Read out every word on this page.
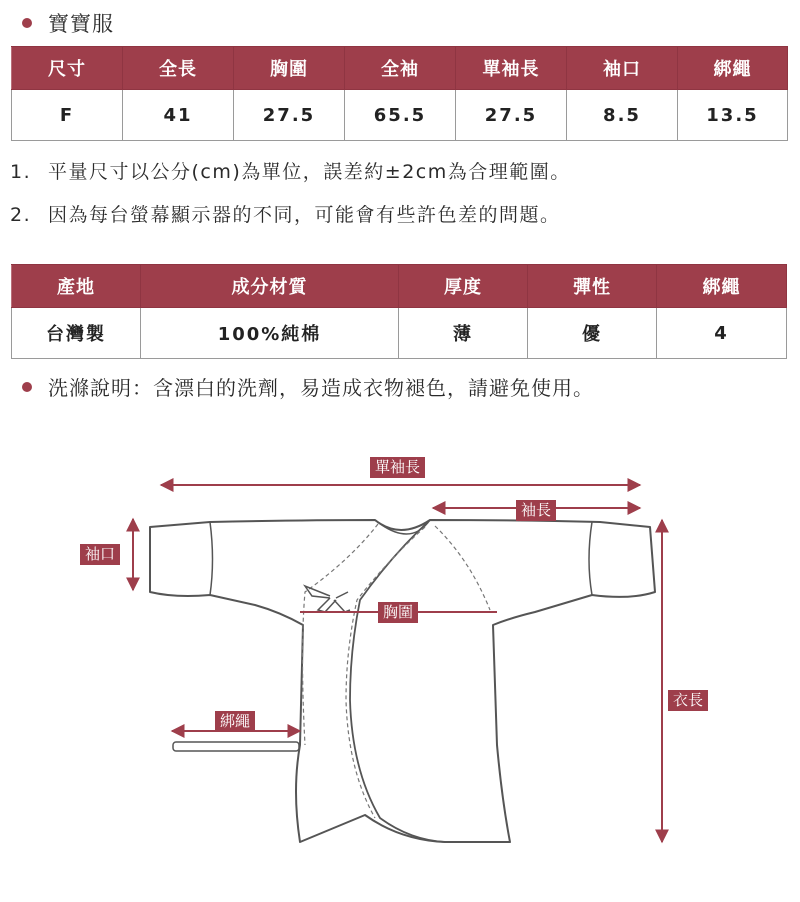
寶寶服
尺寸	全長	胸圍	全袖	單袖長	袖口	綁繩
F	41	27.5	65.5	27.5	8.5	13.5
1. 平量尺寸以公分(cm)為單位，誤差約±2cm為合理範圍。
2. 因為每台螢幕顯示器的不同，可能會有些許色差的問題。
產地	成分材質	厚度	彈性	綁繩
台灣製	100%純棉	薄	優	4
洗滌說明：含漂白的洗劑，易造成衣物褪色，請避免使用。
單袖長
袖長
袖口
胸圍
綁繩
衣長
